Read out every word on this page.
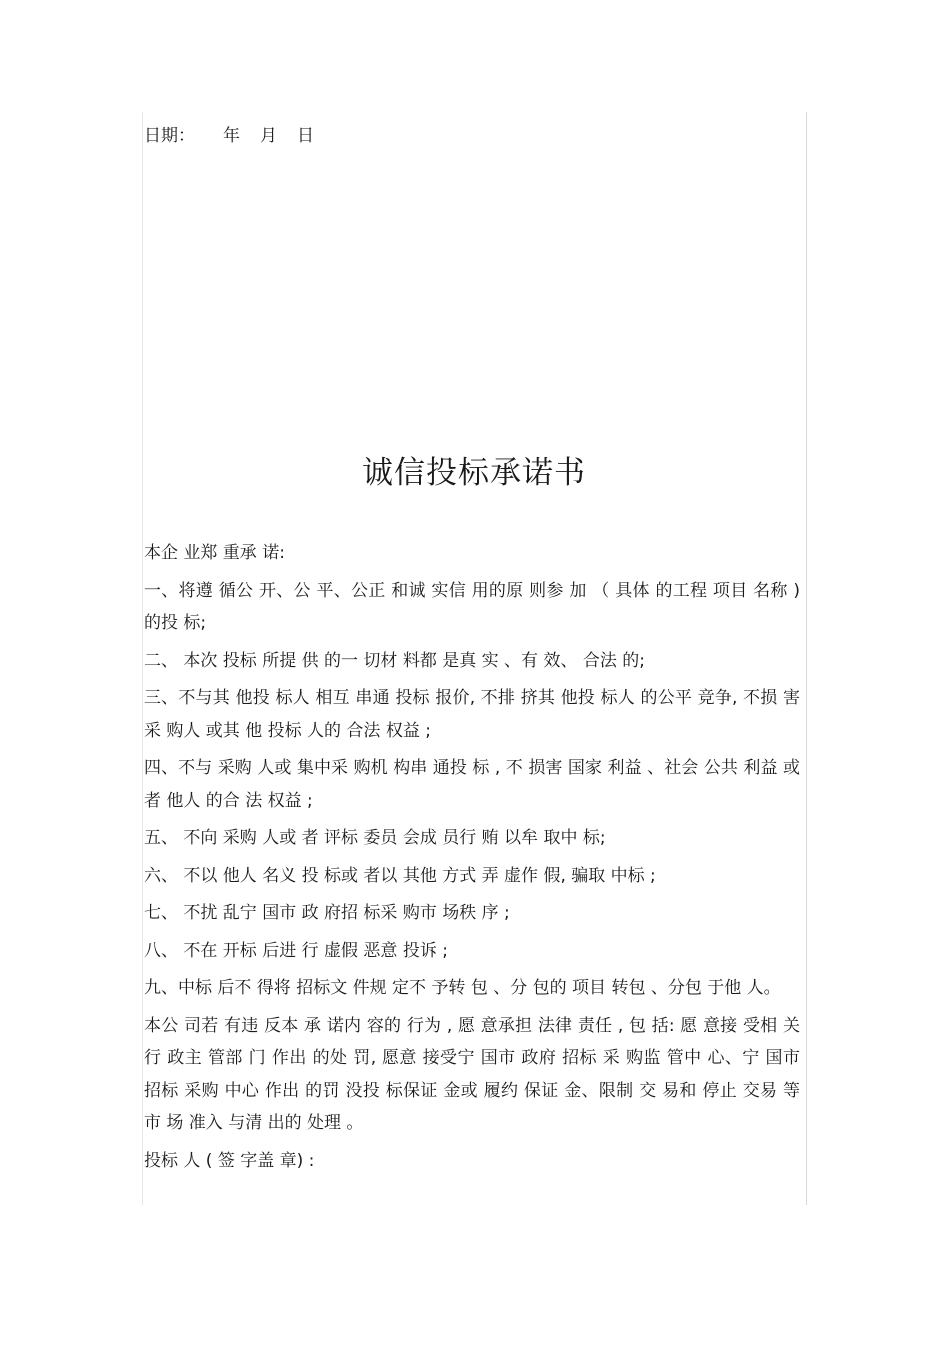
日期： 年 月 日
诚信投标承诺书

本企 业郑 重承 诺:

一、将遵 循公 开、公 平、公正 和诚 实信 用的原 则参 加 （ 具体 的工程 项目 名称 ) 的投 标;

二、 本次 投标 所提 供 的一 切材 料都 是真 实 、有 效、 合法 的;

三、不与其 他投 标人 相互 串通 投标 报价, 不排 挤其 他投 标人 的公平 竞争, 不损 害采 购人 或其 他 投标 人的 合法 权益 ;

四、不与 采购 人或 集中采 购机 构串 通投 标 , 不 损害 国家 利益 、社会 公共 利益 或者 他人 的合 法 权益 ;

五、 不向 采购 人或 者 评标 委员 会成 员行 贿 以牟 取中 标;

六、 不以 他人 名义 投 标或 者以 其他 方式 弄 虚作 假, 骗取 中标 ;

七、 不扰 乱宁 国市 政 府招 标采 购市 场秩 序 ;

八、 不在 开标 后进 行 虚假 恶意 投诉 ;

九、中标 后不 得将 招标文 件规 定不 予转 包 、分 包的 项目 转包 、分包 于他 人。

本公 司若 有违 反本 承 诺内 容的 行为 , 愿 意承担 法律 责任 , 包 括: 愿 意接 受相 关行 政主 管部 门 作出 的处 罚, 愿意 接受宁 国市 政府 招标 采 购监 管中 心、宁 国市 招标 采购 中心 作出 的罚 没投 标保证 金或 履约 保证 金、限制 交 易和 停止 交易 等市 场 准入 与清 出的 处理 。

投标 人 ( 签 字盖 章) :
